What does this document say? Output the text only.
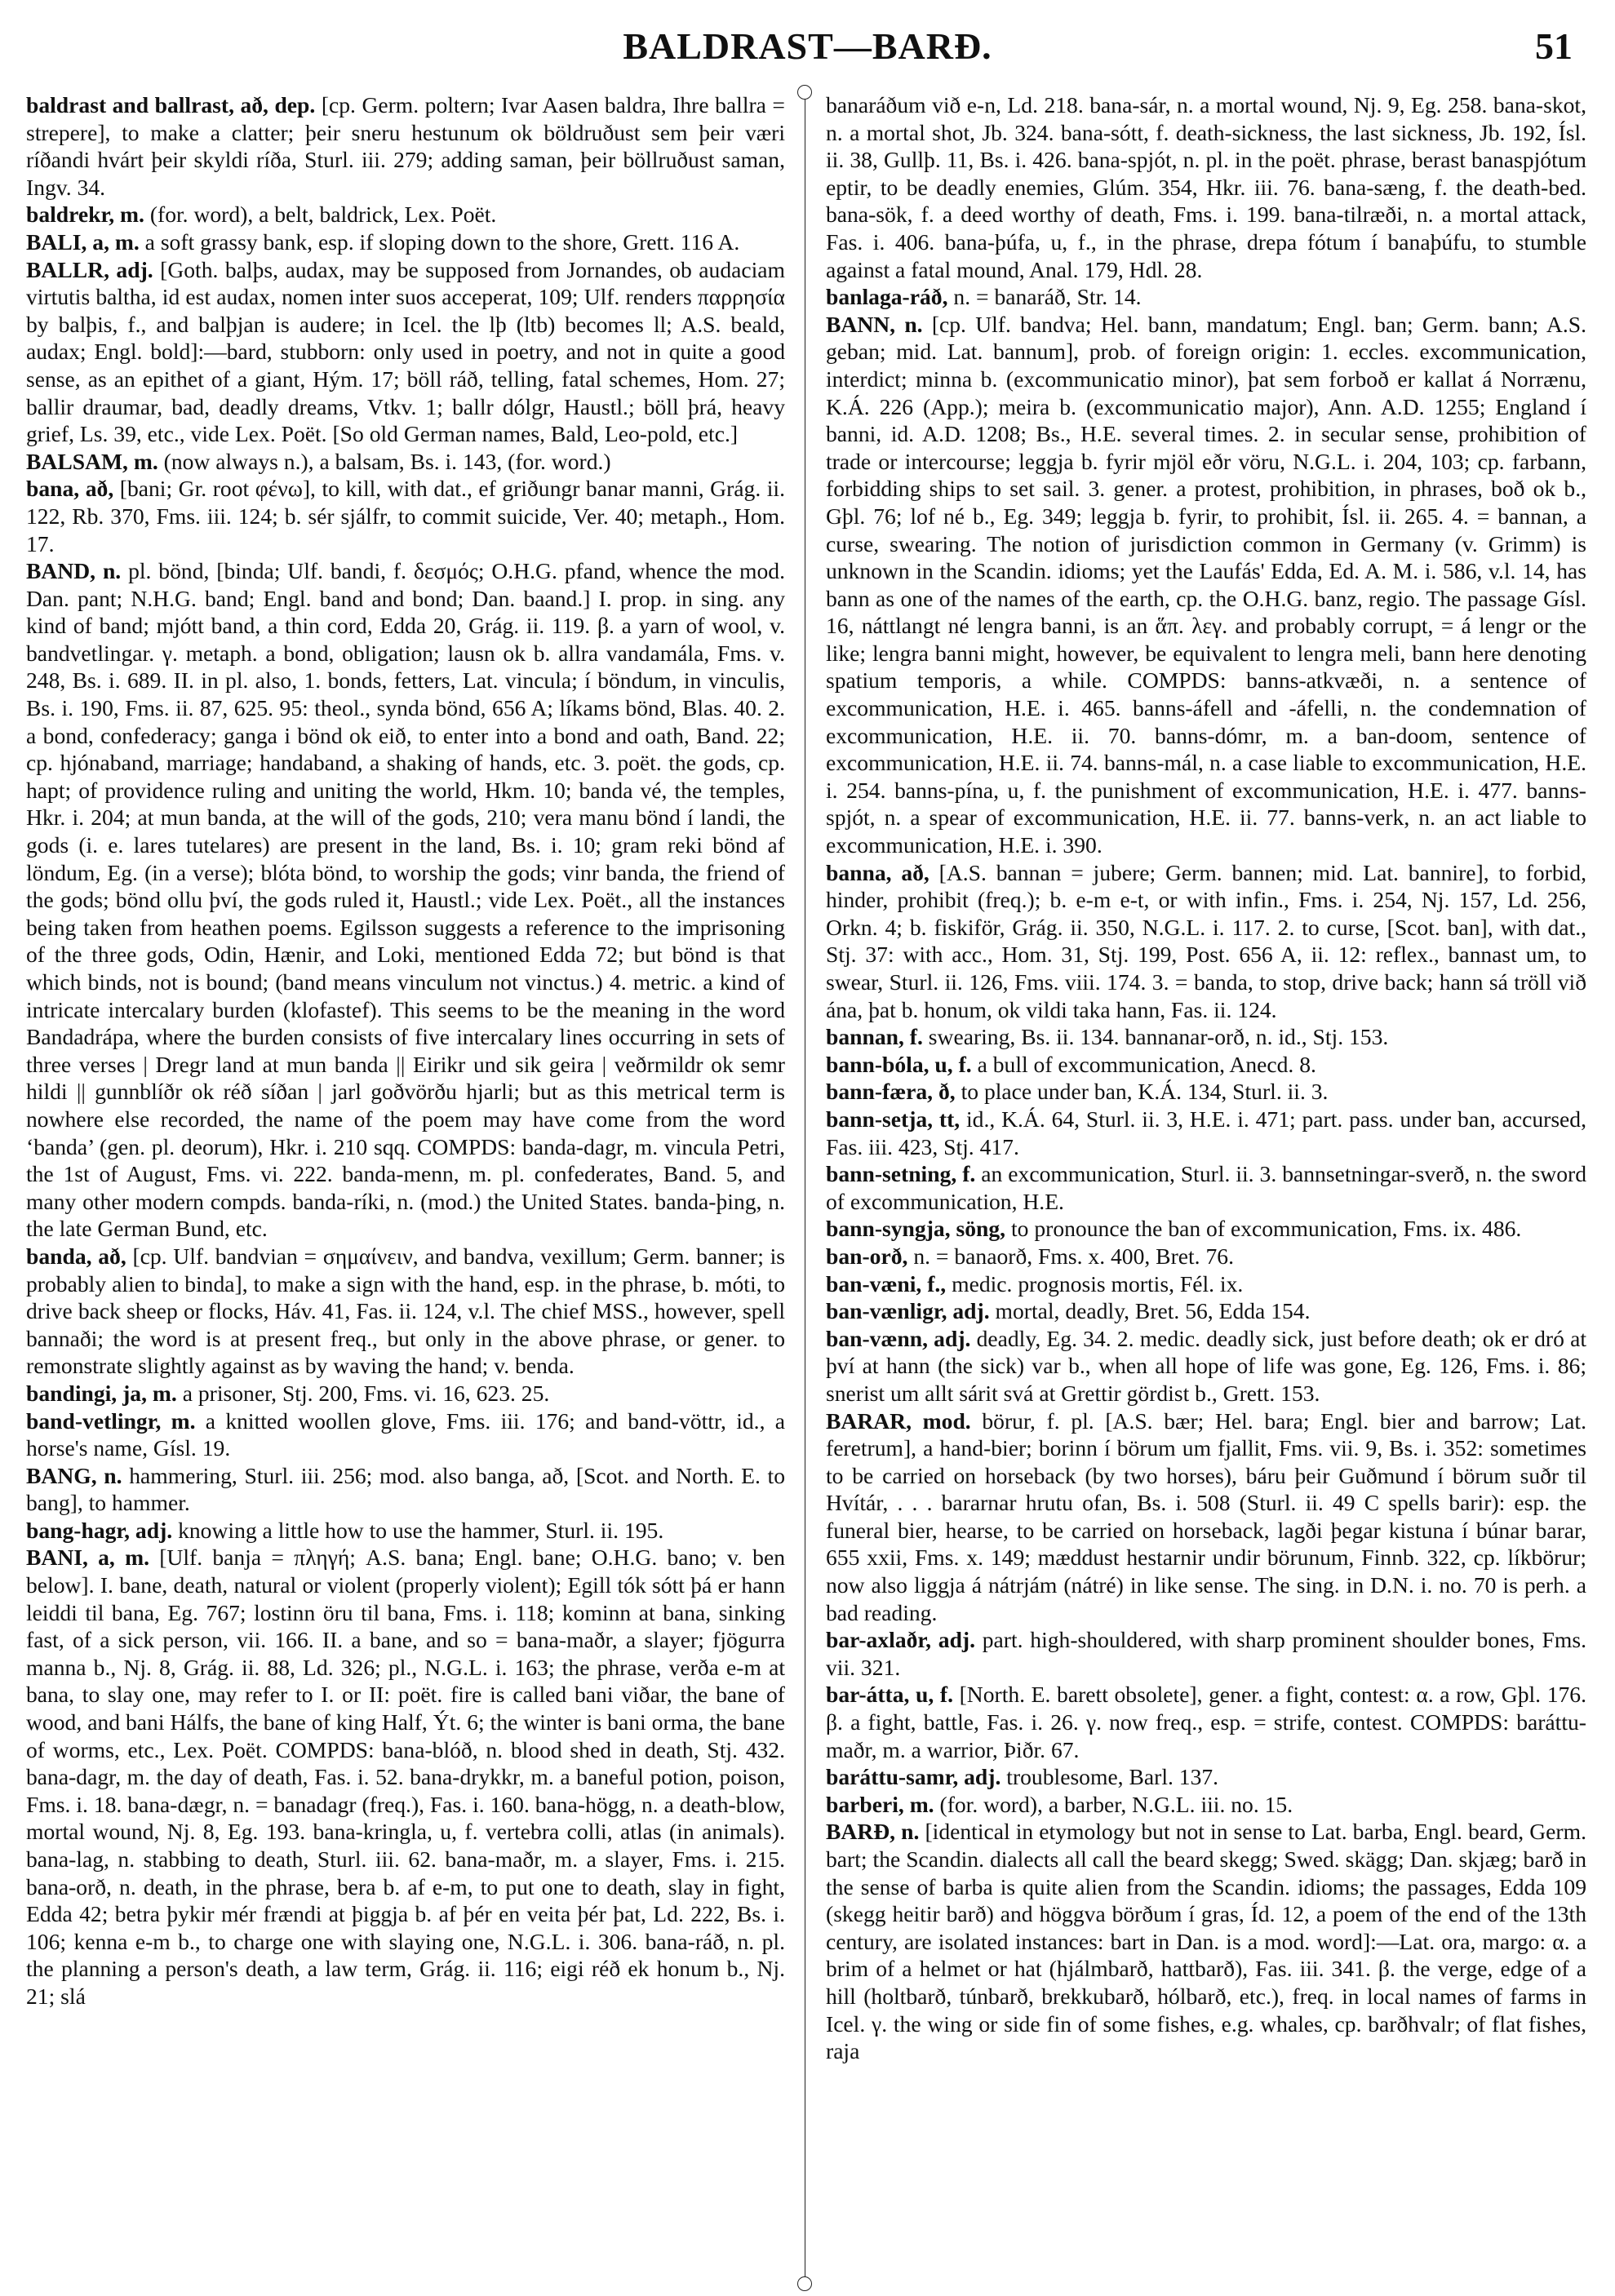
BALDRAST—BARÐ.	51

baldrast and ballrast, að, dep. [cp. Germ. poltern; Ivar Aasen baldra, Ihre ballra = strepere], to make a clatter; þeir sneru hestunum ok böldruðust sem þeir væri ríðandi hvárt þeir skyldi ríða, Sturl. iii. 279; adding saman, þeir böllruðust saman, Ingv. 34.

baldrekr, m. (for. word), a belt, baldrick, Lex. Poët.

BALI, a, m. a soft grassy bank, esp. if sloping down to the shore, Grett. 116 A.

BALLR, adj. [Goth. balþs, audax, may be supposed from Jornandes, ob audaciam virtutis baltha, id est audax, nomen inter suos acceperat, 109; Ulf. renders παρρησία by balþis, f., and balþjan is audere; in Icel. the lþ (ltb) becomes ll; A.S. beald, audax; Engl. bold]:—bard, stubborn: only used in poetry, and not in quite a good sense, as an epithet of a giant, Hým. 17; böll ráð, telling, fatal schemes, Hom. 27; ballir draumar, bad, deadly dreams, Vtkv. 1; ballr dólgr, Haustl.; böll þrá, heavy grief, Ls. 39, etc., vide Lex. Poët. [So old German names, Bald, Leo-pold, etc.]

BALSAM, m. (now always n.), a balsam, Bs. i. 143, (for. word.)

bana, að, [bani; Gr. root φένω], to kill, with dat., ef griðungr banar manni, Grág. ii. 122, Rb. 370, Fms. iii. 124; b. sér sjálfr, to commit suicide, Ver. 40; metaph., Hom. 17.

BAND, n. pl. bönd, [binda; Ulf. bandi, f. δεσμός; O.H.G. pfand, whence the mod. Dan. pant; N.H.G. band; Engl. band and bond; Dan. baand.] I. prop. in sing. any kind of band; mjótt band, a thin cord, Edda 20, Grág. ii. 119. β. a yarn of wool, v. bandvetlingar. γ. metaph. a bond, obligation; lausn ok b. allra vandamála, Fms. v. 248, Bs. i. 689. II. in pl. also, 1. bonds, fetters, Lat. vincula; í böndum, in vinculis, Bs. i. 190, Fms. ii. 87, 625. 95: theol., synda bönd, 656 A; líkams bönd, Blas. 40. 2. a bond, confederacy; ganga i bönd ok eið, to enter into a bond and oath, Band. 22; cp. hjónaband, marriage; handaband, a shaking of hands, etc. 3. poët. the gods, cp. hapt; of providence ruling and uniting the world, Hkm. 10; banda vé, the temples, Hkr. i. 204; at mun banda, at the will of the gods, 210; vera manu bönd í landi, the gods (i. e. lares tutelares) are present in the land, Bs. i. 10; gram reki bönd af löndum, Eg. (in a verse); blóta bönd, to worship the gods; vinr banda, the friend of the gods; bönd ollu því, the gods ruled it, Haustl.; vide Lex. Poët., all the instances being taken from heathen poems. Egilsson suggests a reference to the imprisoning of the three gods, Odin, Hænir, and Loki, mentioned Edda 72; but bönd is that which binds, not is bound; (band means vinculum not vinctus.) 4. metric. a kind of intricate intercalary burden (klofastef). This seems to be the meaning in the word Bandadrápa, where the burden consists of five intercalary lines occurring in sets of three verses | Dregr land at mun banda || Eirikr und sik geira | veðrmildr ok semr hildi || gunnblíðr ok réð síðan | jarl goðvörðu hjarli; but as this metrical term is nowhere else recorded, the name of the poem may have come from the word ‘banda’ (gen. pl. deorum), Hkr. i. 210 sqq. COMPDS: banda-dagr, m. vincula Petri, the 1st of August, Fms. vi. 222. banda-menn, m. pl. confederates, Band. 5, and many other modern compds. banda-ríki, n. (mod.) the United States. banda-þing, n. the late German Bund, etc.

banda, að, [cp. Ulf. bandvian = σημαίνειν, and bandva, vexillum; Germ. banner; is probably alien to binda], to make a sign with the hand, esp. in the phrase, b. móti, to drive back sheep or flocks, Háv. 41, Fas. ii. 124, v.l. The chief MSS., however, spell bannaði; the word is at present freq., but only in the above phrase, or gener. to remonstrate slightly against as by waving the hand; v. benda.

bandingi, ja, m. a prisoner, Stj. 200, Fms. vi. 16, 623. 25.

band-vetlingr, m. a knitted woollen glove, Fms. iii. 176; and band-vöttr, id., a horse's name, Gísl. 19.

BANG, n. hammering, Sturl. iii. 256; mod. also banga, að, [Scot. and North. E. to bang], to hammer.

bang-hagr, adj. knowing a little how to use the hammer, Sturl. ii. 195.

BANI, a, m. [Ulf. banja = πληγή; A.S. bana; Engl. bane; O.H.G. bano; v. ben below]. I. bane, death, natural or violent (properly violent); Egill tók sótt þá er hann leiddi til bana, Eg. 767; lostinn öru til bana, Fms. i. 118; kominn at bana, sinking fast, of a sick person, vii. 166. II. a bane, and so = bana-maðr, a slayer; fjögurra manna b., Nj. 8, Grág. ii. 88, Ld. 326; pl., N.G.L. i. 163; the phrase, verða e-m at bana, to slay one, may refer to I. or II: poët. fire is called bani viðar, the bane of wood, and bani Hálfs, the bane of king Half, Ýt. 6; the winter is bani orma, the bane of worms, etc., Lex. Poët. COMPDS: bana-blóð, n. blood shed in death, Stj. 432. bana-dagr, m. the day of death, Fas. i. 52. bana-drykkr, m. a baneful potion, poison, Fms. i. 18. bana-dægr, n. = banadagr (freq.), Fas. i. 160. bana-högg, n. a death-blow, mortal wound, Nj. 8, Eg. 193. bana-kringla, u, f. vertebra colli, atlas (in animals). bana-lag, n. stabbing to death, Sturl. iii. 62. bana-maðr, m. a slayer, Fms. i. 215. bana-orð, n. death, in the phrase, bera b. af e-m, to put one to death, slay in fight, Edda 42; betra þykir mér frændi at þiggja b. af þér en veita þér þat, Ld. 222, Bs. i. 106; kenna e-m b., to charge one with slaying one, N.G.L. i. 306. bana-ráð, n. pl. the planning a person's death, a law term, Grág. ii. 116; eigi réð ek honum b., Nj. 21; slá

banaráðum við e-n, Ld. 218. bana-sár, n. a mortal wound, Nj. 9, Eg. 258. bana-skot, n. a mortal shot, Jb. 324. bana-sótt, f. death-sickness, the last sickness, Jb. 192, Ísl. ii. 38, Gullþ. 11, Bs. i. 426. bana-spjót, n. pl. in the poët. phrase, berast banaspjótum eptir, to be deadly enemies, Glúm. 354, Hkr. iii. 76. bana-sæng, f. the death-bed. bana-sök, f. a deed worthy of death, Fms. i. 199. bana-tilræði, n. a mortal attack, Fas. i. 406. bana-þúfa, u, f., in the phrase, drepa fótum í banaþúfu, to stumble against a fatal mound, Anal. 179, Hdl. 28.

banlaga-ráð, n. = banaráð, Str. 14.

BANN, n. [cp. Ulf. bandva; Hel. bann, mandatum; Engl. ban; Germ. bann; A.S. geban; mid. Lat. bannum], prob. of foreign origin: 1. eccles. excommunication, interdict; minna b. (excommunicatio minor), þat sem forboð er kallat á Norrænu, K.Á. 226 (App.); meira b. (excommunicatio major), Ann. A.D. 1255; England í banni, id. A.D. 1208; Bs., H.E. several times. 2. in secular sense, prohibition of trade or intercourse; leggja b. fyrir mjöl eðr vöru, N.G.L. i. 204, 103; cp. farbann, forbidding ships to set sail. 3. gener. a protest, prohibition, in phrases, boð ok b., Gþl. 76; lof né b., Eg. 349; leggja b. fyrir, to prohibit, Ísl. ii. 265. 4. = bannan, a curse, swearing. The notion of jurisdiction common in Germany (v. Grimm) is unknown in the Scandin. idioms; yet the Laufás' Edda, Ed. A. M. i. 586, v.l. 14, has bann as one of the names of the earth, cp. the O.H.G. banz, regio. The passage Gísl. 16, náttlangt né lengra banni, is an ἅπ. λεγ. and probably corrupt, = á lengr or the like; lengra banni might, however, be equivalent to lengra meli, bann here denoting spatium temporis, a while. COMPDS: banns-atkvæði, n. a sentence of excommunication, H.E. i. 465. banns-áfell and -áfelli, n. the condemnation of excommunication, H.E. ii. 70. banns-dómr, m. a ban-doom, sentence of excommunication, H.E. ii. 74. banns-mál, n. a case liable to excommunication, H.E. i. 254. banns-pína, u, f. the punishment of excommunication, H.E. i. 477. banns-spjót, n. a spear of excommunication, H.E. ii. 77. banns-verk, n. an act liable to excommunication, H.E. i. 390.

banna, að, [A.S. bannan = jubere; Germ. bannen; mid. Lat. bannire], to forbid, hinder, prohibit (freq.); b. e-m e-t, or with infin., Fms. i. 254, Nj. 157, Ld. 256, Orkn. 4; b. fiskiför, Grág. ii. 350, N.G.L. i. 117. 2. to curse, [Scot. ban], with dat., Stj. 37: with acc., Hom. 31, Stj. 199, Post. 656 A, ii. 12: reflex., bannast um, to swear, Sturl. ii. 126, Fms. viii. 174. 3. = banda, to stop, drive back; hann sá tröll við ána, þat b. honum, ok vildi taka hann, Fas. ii. 124.

bannan, f. swearing, Bs. ii. 134. bannanar-orð, n. id., Stj. 153.

bann-bóla, u, f. a bull of excommunication, Anecd. 8.

bann-færa, ð, to place under ban, K.Á. 134, Sturl. ii. 3.

bann-setja, tt, id., K.Á. 64, Sturl. ii. 3, H.E. i. 471; part. pass. under ban, accursed, Fas. iii. 423, Stj. 417.

bann-setning, f. an excommunication, Sturl. ii. 3. bannsetningar-sverð, n. the sword of excommunication, H.E.

bann-syngja, söng, to pronounce the ban of excommunication, Fms. ix. 486.

ban-orð, n. = banaorð, Fms. x. 400, Bret. 76.

ban-væni, f., medic. prognosis mortis, Fél. ix.

ban-vænligr, adj. mortal, deadly, Bret. 56, Edda 154.

ban-vænn, adj. deadly, Eg. 34. 2. medic. deadly sick, just before death; ok er dró at því at hann (the sick) var b., when all hope of life was gone, Eg. 126, Fms. i. 86; snerist um allt sárit svá at Grettir gördist b., Grett. 153.

BARAR, mod. börur, f. pl. [A.S. bær; Hel. bara; Engl. bier and barrow; Lat. feretrum], a hand-bier; borinn í börum um fjallit, Fms. vii. 9, Bs. i. 352: sometimes to be carried on horseback (by two horses), báru þeir Guðmund í börum suðr til Hvítár, . . . bararnar hrutu ofan, Bs. i. 508 (Sturl. ii. 49 C spells barir): esp. the funeral bier, hearse, to be carried on horseback, lagði þegar kistuna í búnar barar, 655 xxii, Fms. x. 149; mæddust hestarnir undir börunum, Finnb. 322, cp. líkbörur; now also liggja á nátrjám (nátré) in like sense. The sing. in D.N. i. no. 70 is perh. a bad reading.

bar-axlaðr, adj. part. high-shouldered, with sharp prominent shoulder bones, Fms. vii. 321.

bar-átta, u, f. [North. E. barett obsolete], gener. a fight, contest: α. a row, Gþl. 176. β. a fight, battle, Fas. i. 26. γ. now freq., esp. = strife, contest. COMPDS: baráttu-maðr, m. a warrior, Þiðr. 67.

baráttu-samr, adj. troublesome, Barl. 137.

barberi, m. (for. word), a barber, N.G.L. iii. no. 15.

BARÐ, n. [identical in etymology but not in sense to Lat. barba, Engl. beard, Germ. bart; the Scandin. dialects all call the beard skegg; Swed. skägg; Dan. skjæg; barð in the sense of barba is quite alien from the Scandin. idioms; the passages, Edda 109 (skegg heitir barð) and höggva börðum í gras, Íd. 12, a poem of the end of the 13th century, are isolated instances: bart in Dan. is a mod. word]:—Lat. ora, margo: α. a brim of a helmet or hat (hjálmbarð, hattbarð), Fas. iii. 341. β. the verge, edge of a hill (holtbarð, túnbarð, brekkubarð, hólbarð, etc.), freq. in local names of farms in Icel. γ. the wing or side fin of some fishes, e.g. whales, cp. barðhvalr; of flat fishes, raja
